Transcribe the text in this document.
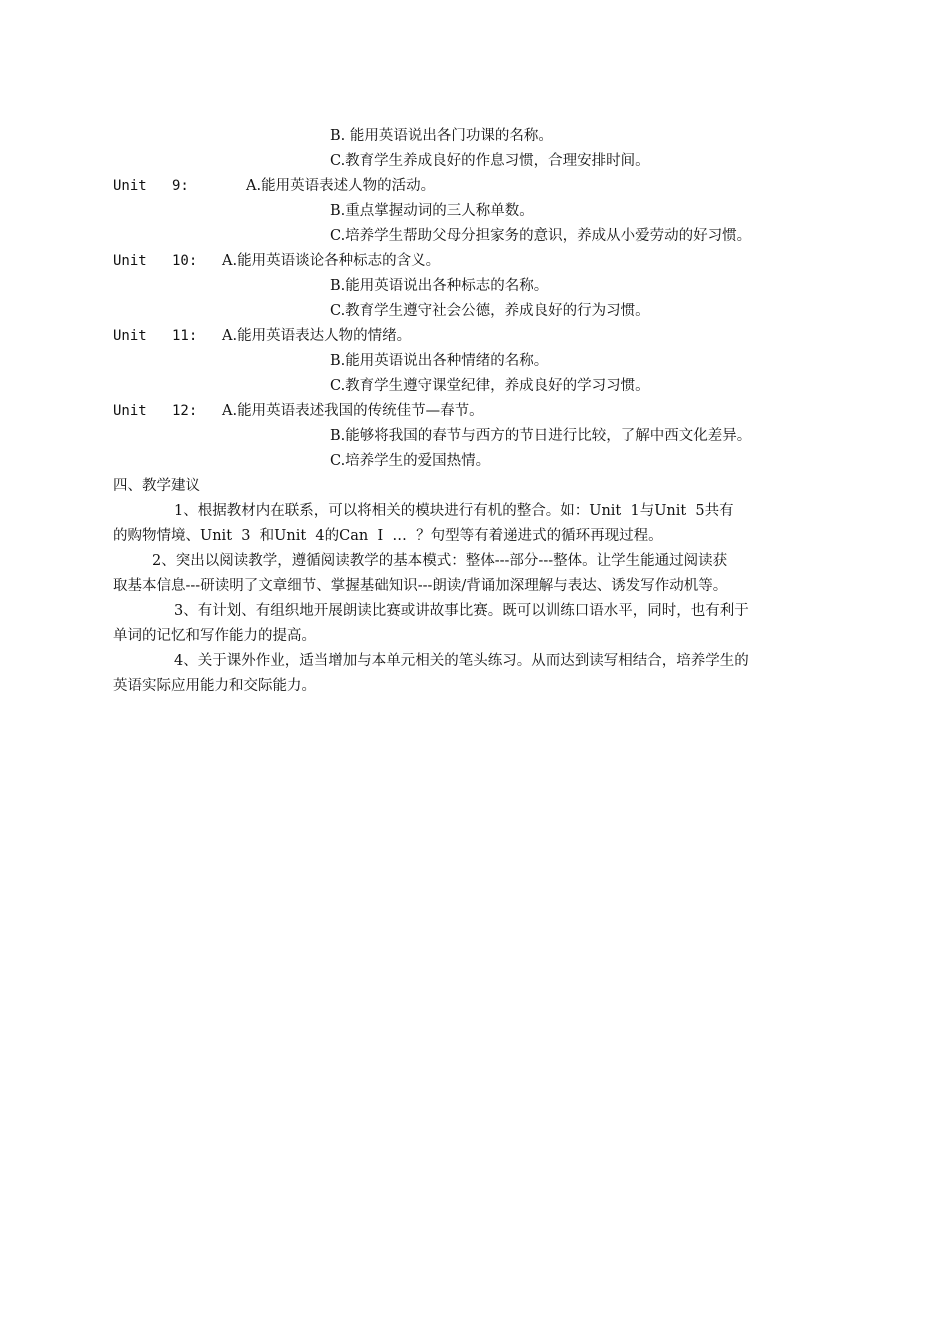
B. 能用英语说出各门功课的名称。
C.教育学生养成良好的作息习惯，合理安排时间。
Unit   9:	A.能用英语表述人物的活动。
B.重点掌握动词的三人称单数。
C.培养学生帮助父母分担家务的意识，养成从小爱劳动的好习惯。
Unit   10: A.能用英语谈论各种标志的含义。
B.能用英语说出各种标志的名称。
C.教育学生遵守社会公德，养成良好的行为习惯。
Unit   11: A.能用英语表达人物的情绪。
B.能用英语说出各种情绪的名称。
C.教育学生遵守课堂纪律，养成良好的学习习惯。
Unit   12: A.能用英语表述我国的传统佳节—春节。
B.能够将我国的春节与西方的节日进行比较，了解中西文化差异。
C.培养学生的爱国热情。
四、教学建议
1、根据教材内在联系，可以将相关的模块进行有机的整合。如：Unit  1与Unit  5共有
的购物情境、Unit  3  和Unit  4的Can  I  …  ？句型等有着递进式的循环再现过程。
2、突出以阅读教学，遵循阅读教学的基本模式：整体---部分---整体。让学生能通过阅读获
取基本信息---研读明了文章细节、掌握基础知识---朗读/背诵加深理解与表达、诱发写作动机等。
3、有计划、有组织地开展朗读比赛或讲故事比赛。既可以训练口语水平，同时，也有利于
单词的记忆和写作能力的提高。
4、关于课外作业，适当增加与本单元相关的笔头练习。从而达到读写相结合，培养学生的
英语实际应用能力和交际能力。
